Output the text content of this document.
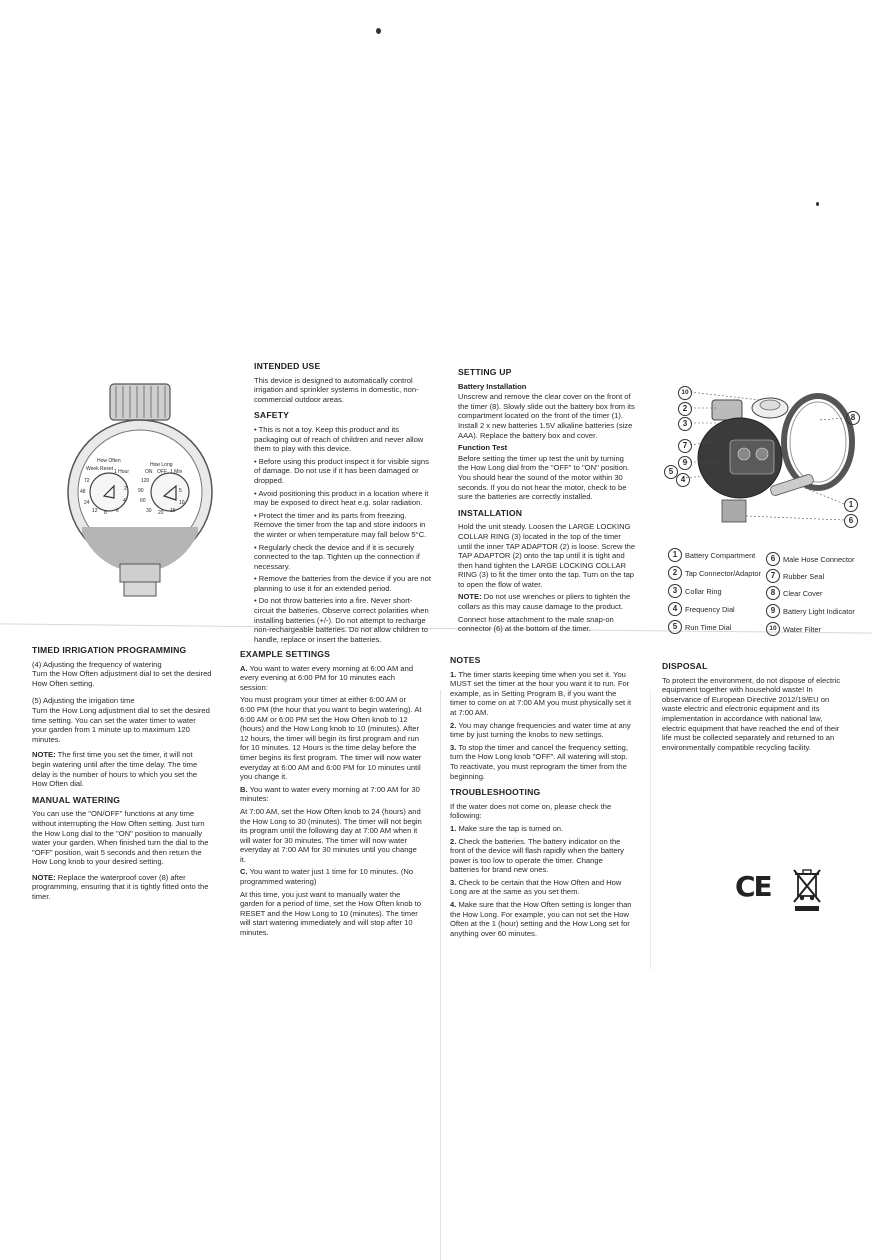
How Often
How Long
Week Reset 1 Hour	ON OFF 1 Min
72
48
24
12 8 6
4
2
120
90
60
30 20 15
10
5
INTENDED USE

This device is designed to automatically control irrigation and sprinkler systems in domestic, non-commercial outdoor areas.

SAFETY

• This is not a toy. Keep this product and its packaging out of reach of children and never allow them to play with this device.

• Before using this product inspect it for visible signs of damage. Do not use if it has been damaged or dropped.

• Avoid positioning this product in a location where it may be exposed to direct heat e.g. solar radiation.

• Protect the timer and its parts from freezing. Remove the timer from the tap and store indoors in the winter or when temperature may fall below 5°C.

• Regularly check the device and if it is securely connected to the tap. Tighten up the connection if necessary.

• Remove the batteries from the device if you are not planning to use it for an extended period.

• Do not throw batteries into a fire. Never short-circuit the batteries. Observe correct polarities when installing batteries (+/-). Do not attempt to recharge non-rechargeable batteries. Do not allow children to handle, replace or insert the batteries.

SETTING UP
Battery Installation

Unscrew and remove the clear cover on the front of the timer (8). Slowly slide out the battery box from its compartment located on the front of the timer (1). Install 2 x new batteries 1.5V alkaline batteries (size AAA). Replace the battery box and cover.

Function Test

Before setting the timer up test the unit by turning the How Long dial from the "OFF" to "ON" position. You should hear the sound of the motor within 30 seconds. If you do not hear the motor, check to be sure the batteries are correctly installed.

INSTALLATION

Hold the unit steady. Loosen the LARGE LOCKING COLLAR RING (3) located in the top of the timer until the inner TAP ADAPTOR (2) is loose. Screw the TAP ADAPTOR (2) onto the tap until it is tight and then hand tighten the LARGE LOCKING COLLAR RING (3) to fit the timer onto the tap. Turn on the tap to open the flow of water.

NOTE: Do not use wrenches or pliers to tighten the collars as this may cause damage to the product.

Connect hose attachment to the male snap-on connector (6) at the bottom of the timer.

10
2
3
7
9
5
4
8
1
6
1	Battery Compartment
2	Tap Connector/Adaptor
3	Collar Ring
4	Frequency Dial
5	Run Time Dial
6	Male Hose Connector
7	Rubber Seal
8	Clear Cover
9	Battery Light Indicator
10 Water Filter
TIMED IRRIGATION PROGRAMMING

(4) Adjusting the frequency of watering

Turn the How Often adjustment dial to set the desired How Often setting.

(5) Adjusting the irrigation time

Turn the How Long adjustment dial to set the desired time setting. You can set the water timer to water your garden from 1 minute up to maximum 120 minutes.

NOTE: The first time you set the timer, it will not begin watering until after the time delay. The time delay is the number of hours to which you set the How Often dial.

MANUAL WATERING

You can use the "ON/OFF" functions at any time without interrupting the How Often setting. Just turn the How Long dial to the "ON" position to manually water your garden. When finished turn the dial to the "OFF" position, wait 5 seconds and then return the How Long knob to your desired setting.

NOTE: Replace the waterproof cover (8) after programming, ensuring that it is tightly fitted onto the timer.

EXAMPLE SETTINGS

A. You want to water every morning at 6:00 AM and every evening at 6:00 PM for 10 minutes each session:

You must program your timer at either 6:00 AM or 6:00 PM (the hour that you want to begin watering). At 6:00 AM or 6:00 PM set the How Often knob to 12 (hours) and the How Long knob to 10 (minutes). After 12 hours, the timer will begin its first program and run for 10 minutes. 12 Hours is the time delay before the timer begins its first program. The timer will now water everyday at 6:00 AM and 6:00 PM for 10 minutes until you change it.

B. You want to water every morning at 7:00 AM for 30 minutes:

At 7:00 AM, set the How Often knob to 24 (hours) and the How Long to 30 (minutes). The timer will not begin its program until the following day at 7:00 AM when it will water for 30 minutes. The timer will now water everyday at 7:00 AM for 30 minutes until you change it.

C. You want to water just 1 time for 10 minutes. (No programmed watering)

At this time, you just want to manually water the garden for a period of time, set the How Often knob to RESET and the How Long to 10 (minutes). The timer will start watering immediately and will stop after 10 minutes.

NOTES

1. The timer starts keeping time when you set it. You MUST set the timer at the hour you want it to run. For example, as in Setting Program B, if you want the timer to come on at 7:00 AM you must physically set it at 7:00 AM.

2. You may change frequencies and water time at any time by just turning the knobs to new settings.

3. To stop the timer and cancel the frequency setting, turn the How Long knob "OFF". All watering will stop. To reactivate, you must reprogram the timer from the beginning.

TROUBLESHOOTING

If the water does not come on, please check the following:

1. Make sure the tap is turned on.

2. Check the batteries. The battery indicator on the front of the device will flash rapidly when the battery power is too low to operate the timer. Change batteries for brand new ones.

3. Check to be certain that the How Often and How Long are at the same as you set them.

4. Make sure that the How Often setting is longer than the How Long. For example, you can not set the How Often at the 1 (hour) setting and the How Long set for anything over 60 minutes.

DISPOSAL

To protect the environment, do not dispose of electric equipment together with household waste! In observance of European Directive 2012/19/EU on waste electric and electronic equipment and its implementation in accordance with national law, electric equipment that have reached the end of their life must be collected separately and returned to an environmentally compatible recycling facility.

CE
